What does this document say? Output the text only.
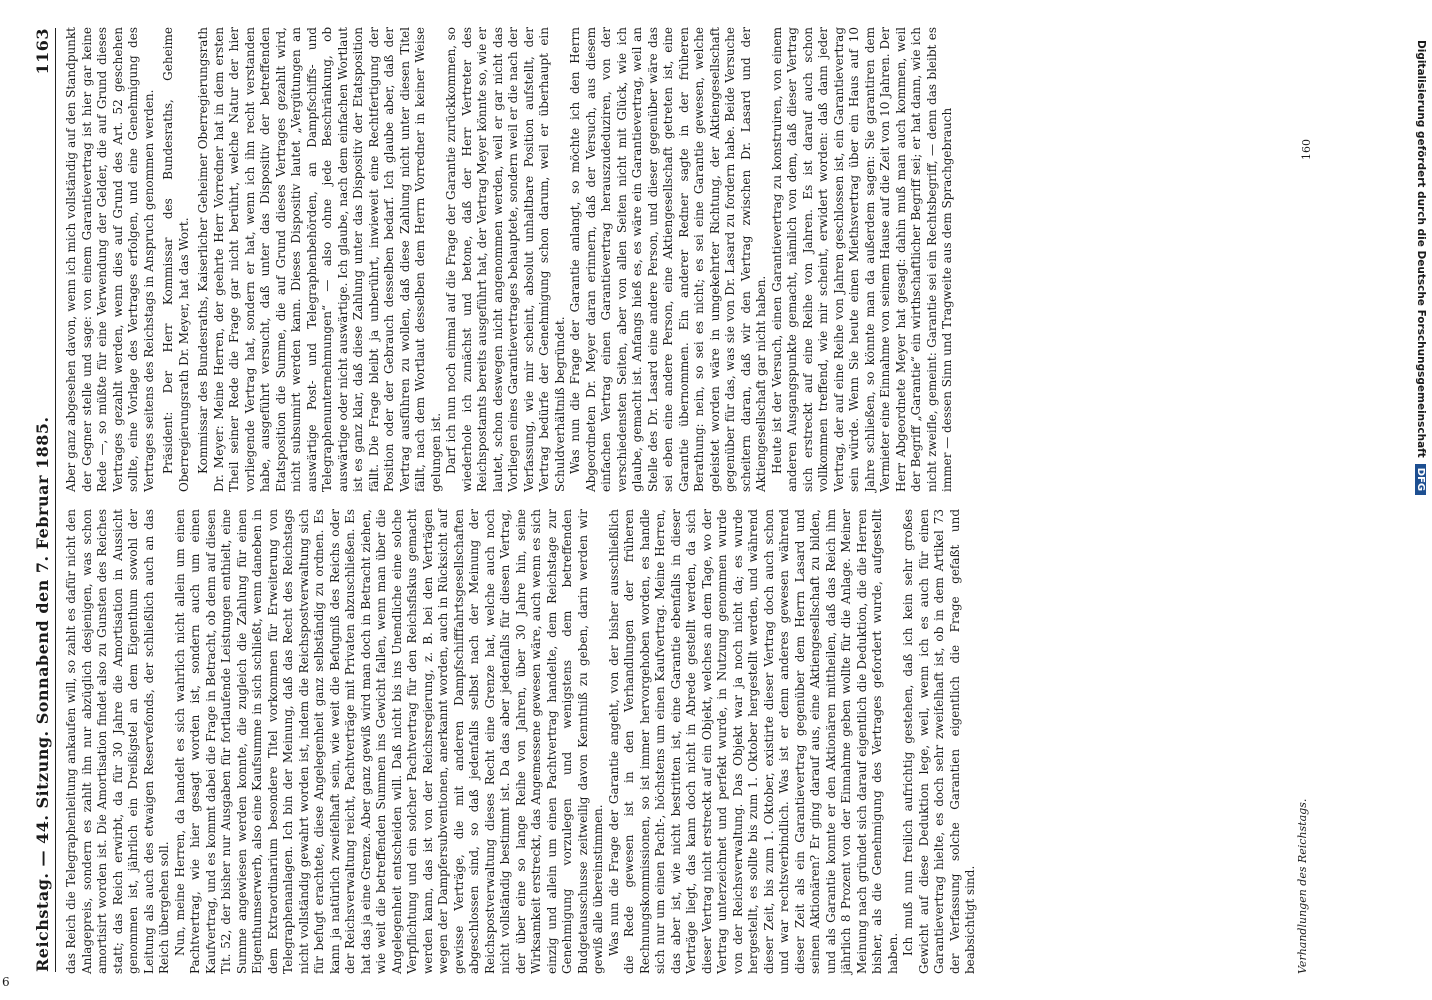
Reichstag. — 44. Sitzung. Sonnabend den 7. Februar 1885.
1163

das Reich die Telegraphenleitung ankaufen will, so zahlt es dafür nicht den Anlagepreis, sondern es zahlt ihn nur abzüglich desjenigen, was schon amortisirt worden ist. Die Amortisation findet also zu Gunsten des Reiches statt; das Reich erwirbt, da für 30 Jahre die Amortisation in Aussicht genommen ist, jährlich ein Dreißigstel an dem Eigenthum sowohl der Leitung als auch des etwaigen Reservefonds, der schließlich auch an das Reich übergehen soll. Nun, meine Herren, da handelt es sich wahrlich nicht allein um einen Pachtvertrag, wie hier gesagt worden ist, sondern auch um einen Kaufvertrag, und es kommt dabei die Frage in Betracht, ob denn auf diesen Tit. 52, der bisher nur Ausgaben für fortlaufende Leistungen enthielt, eine Summe angewiesen werden konnte, die zugleich die Zahlung für einen Eigenthumserwerb, also eine Kaufsumme in sich schließt, wenn daneben in dem Extraordinarium besondere Titel vorkommen für Erweiterung von Telegraphenanlagen. Ich bin der Meinung, daß das Recht des Reichstags nicht vollständig gewahrt worden ist, indem die Reichspostverwaltung sich für befugt erachtete, diese Angelegenheit ganz selbständig zu ordnen. Es kann ja natürlich zweifelhaft sein, wie weit die Befugniß des Reichs oder der Reichsverwaltung reicht, Pachtverträge mit Privaten abzuschließen. Es hat das ja eine Grenze. Aber ganz gewiß wird man doch in Betracht ziehen, wie weit die betreffenden Summen ins Gewicht fallen, wenn man über die Angelegenheit entscheiden will. Daß nicht bis ins Unendliche eine solche Verpflichtung und ein solcher Pachtvertrag für den Reichsfiskus gemacht werden kann, das ist von der Reichsregierung, z. B. bei den Verträgen wegen der Dampfersubventionen, anerkannt worden, auch in Rücksicht auf gewisse Verträge, die mit anderen Dampfschifffahrtsgesellschaften abgeschlossen sind, so daß jedenfalls selbst nach der Meinung der Reichspostverwaltung dieses Recht eine Grenze hat, welche auch noch nicht vollständig bestimmt ist. Da das aber jedenfalls für diesen Vertrag, der über eine so lange Reihe von Jahren, über 30 Jahre hin, seine Wirksamkeit erstreckt, das Angemessene gewesen wäre, auch wenn es sich einzig und allein um einen Pachtvertrag handelte, dem Reichstage zur Genehmigung vorzulegen und wenigstens dem betreffenden Budgetausschusse zeitweilig davon Kenntniß zu geben, darin werden wir gewiß alle übereinstimmen. Was nun die Frage der Garantie angeht, von der bisher ausschließlich die Rede gewesen ist in den Verhandlungen der früheren Rechnungskommissionen, so ist immer hervorgehoben worden, es handle sich nur um einen Pacht-, höchstens um einen Kaufvertrag. Meine Herren, das aber ist, wie nicht bestritten ist, eine Garantie ebenfalls in dieser Verträge liegt, das kann doch nicht in Abrede gestellt werden, da sich dieser Vertrag nicht erstreckt auf ein Objekt, welches an dem Tage, wo der Vertrag unterzeichnet und perfekt wurde, in Nutzung genommen wurde von der Reichsverwaltung. Das Objekt war ja noch nicht da; es wurde hergestellt, es sollte bis zum 1. Oktober hergestellt werden, und während dieser Zeit, bis zum 1. Oktober, existirte dieser Vertrag doch auch schon und war rechtsverbindlich. Was ist er denn anderes gewesen während dieser Zeit als ein Garantievertrag gegenüber dem Herrn Lasard und seinen Aktionären? Er ging darauf aus, eine Aktiengesellschaft zu bilden, und als Garantie konnte er den Aktionären mittheilen, daß das Reich ihm jährlich 8 Prozent von der Einnahme geben wollte für die Anlage. Meiner Meinung nach gründet sich darauf eigentlich die Deduktion, die die Herren bisher, als die Genehmigung des Vertrages gefordert wurde, aufgestellt haben. Ich muß nun freilich aufrichtig gestehen, daß ich kein sehr großes Gewicht auf diese Deduktion lege, weil, wenn ich es auch für einen Garantievertrag hielte, es doch sehr zweifelhaft ist, ob in dem Artikel 73 der Verfassung solche Garantien eigentlich die Frage gefaßt und beabsichtigt sind.

Aber ganz abgesehen davon, wenn ich mich vollständig auf den Standpunkt der Gegner stelle und sage: von einem Garantievertrag ist hier gar keine Rede —, so müßte für eine Verwendung der Gelder, die auf Grund dieses Vertrages gezahlt werden, wenn dies auf Grund des Art. 52 geschehen sollte, eine Vorlage des Vertrages erfolgen, und eine Genehmigung des Vertrages seitens des Reichstags in Anspruch genommen werden. Präsident: Der Herr Kommissar des Bundesraths, Geheime Oberregierungsrath Dr. Meyer, hat das Wort. Kommissar des Bundesraths, Kaiserlicher Geheimer Oberregierungsrath Dr. Meyer: Meine Herren, der geehrte Herr Vorredner hat in dem ersten Theil seiner Rede die Frage gar nicht berührt, welche Natur der hier vorliegende Vertrag hat, sondern er hat, wenn ich ihn recht verstanden habe, ausgeführt versucht, daß unter das Dispositiv der betreffenden Etatsposition die Summe, die auf Grund dieses Vertrages gezahlt wird, nicht subsumirt werden kann. Dieses Dispositiv lautet „Vergütungen an auswärtige Post- und Telegraphenbehörden, an Dampfschiffs- und Telegraphenunternehmungen“ — also ohne jede Beschränkung, ob auswärtige oder nicht auswärtige. Ich glaube, nach dem einfachen Wortlaut ist es ganz klar, daß diese Zahlung unter das Dispositiv der Etatsposition fällt. Die Frage bleibt ja unberührt, inwieweit eine Rechtfertigung der Position oder der Gebrauch desselben bedarf. Ich glaube aber, daß der Vertrag ausführen zu wollen, daß diese Zahlung nicht unter diesen Titel fällt, nach dem Wortlaut desselben dem Herrn Vorredner in keiner Weise gelungen ist. Darf ich nun noch einmal auf die Frage der Garantie zurückkommen, so wiederhole ich zunächst und betone, daß der Herr Vertreter des Reichspostamts bereits ausgeführt hat, der Vertrag Meyer könnte so, wie er lautet, schon deswegen nicht angenommen werden, weil er gar nicht das Vorliegen eines Garantievertrages behauptete, sondern weil er die nach der Verfassung, wie mir scheint, absolut unhaltbare Position aufstellt, der Vertrag bedürfe der Genehmigung schon darum, weil er überhaupt ein Schuldverhältniß begründet. Was nun die Frage der Garantie anlangt, so möchte ich den Herrn Abgeordneten Dr. Meyer daran erinnern, daß der Versuch, aus diesem einfachen Vertrag einen Garantievertrag herauszudeduziren, von der verschiedensten Seiten, aber von allen Seiten nicht mit Glück, wie ich glaube, gemacht ist. Anfangs hieß es, es wäre ein Garantievertrag, weil an Stelle des Dr. Lasard eine andere Person, und dieser gegenüber wäre das sei eben eine andere Person, eine Aktiengesellschaft getreten ist, eine Garantie übernommen. Ein anderer Redner sagte in der früheren Berathung: nein, so sei es nicht; es sei eine Garantie gewesen, welche geleistet worden wäre in umgekehrter Richtung, der Aktiengesellschaft gegenüber für das, was sie von Dr. Lasard zu fordern habe. Beide Versuche scheitern daran, daß wir den Vertrag zwischen Dr. Lasard und der Aktiengesellschaft gar nicht haben. Heute ist der Versuch, einen Garantievertrag zu konstruiren, von einem anderen Ausgangspunkte gemacht, nämlich von dem, daß dieser Vertrag sich erstreckt auf eine Reihe von Jahren. Es ist darauf auch schon vollkommen treffend, wie mir scheint, erwidert worden: daß dann jeder Vertrag, der auf eine Reihe von Jahren geschlossen ist, ein Garantievertrag sein würde. Wenn Sie heute einen Miethsvertrag über ein Haus auf 10 Jahre schließen, so könnte man da außerdem sagen: Sie garantiren dem Vermieter eine Einnahme von seinem Hause auf die Zeit von 10 Jahren. Der Herr Abgeordnete Meyer hat gesagt: dahin muß man auch kommen, weil der Begriff „Garantie“ ein wirthschaftlicher Begriff sei; er hat dann, wie ich nicht zweifle, gemeint: Garantie sei ein Rechtsbegriff, — denn das bleibt es immer — dessen Sinn und Tragweite aus dem Sprachgebrauch

Verhandlungen des Reichstags.
160	Digitalisierung gefördert durch die Deutsche Forschungsgemeinschaft
DFG
6
